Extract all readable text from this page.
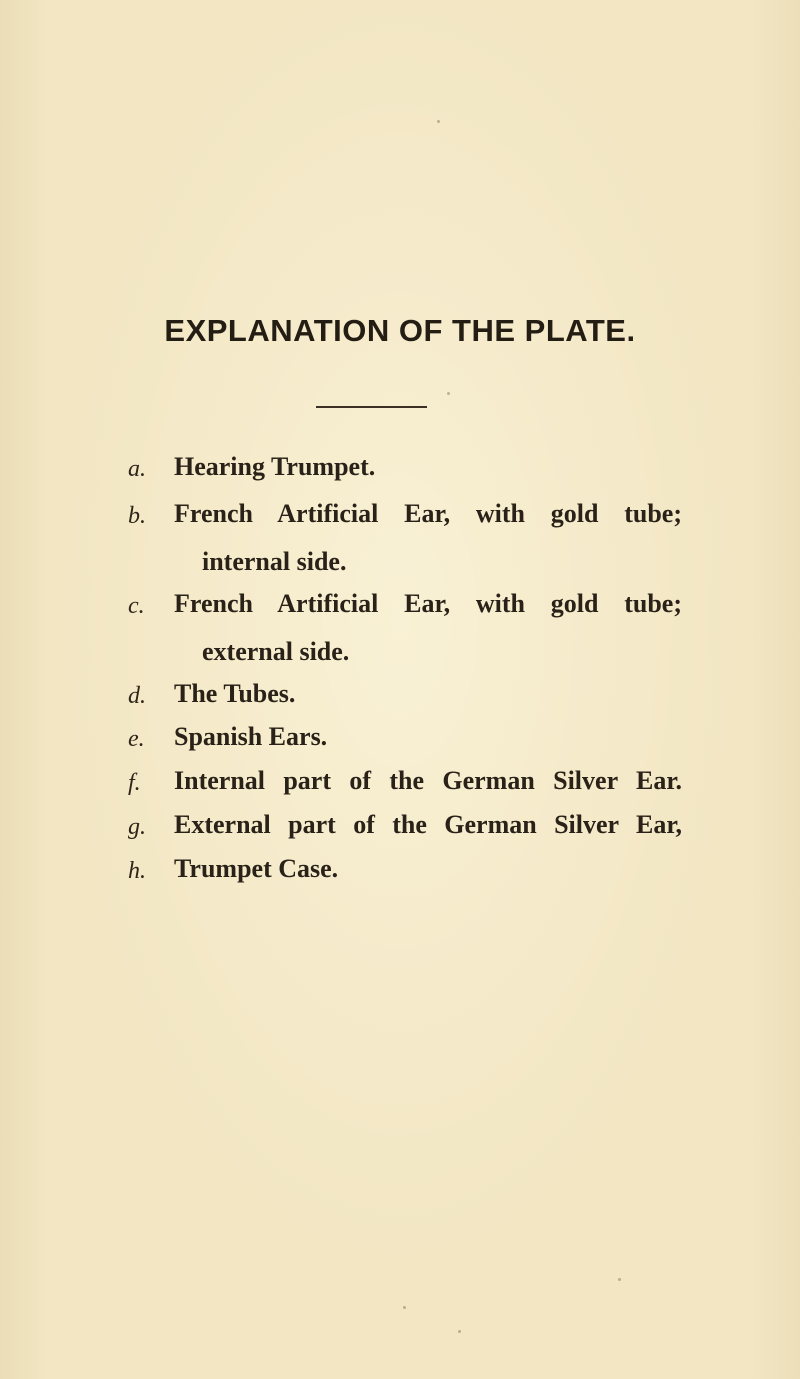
EXPLANATION OF THE PLATE.
a. Hearing Trumpet.
b. French Artificial Ear, with gold tube;
internal side.
c. French Artificial Ear, with gold tube;
external side.
d. The Tubes.
e. Spanish Ears.
f. Internal part of the German Silver Ear.
g. External part of the German Silver Ear,
h. Trumpet Case.
